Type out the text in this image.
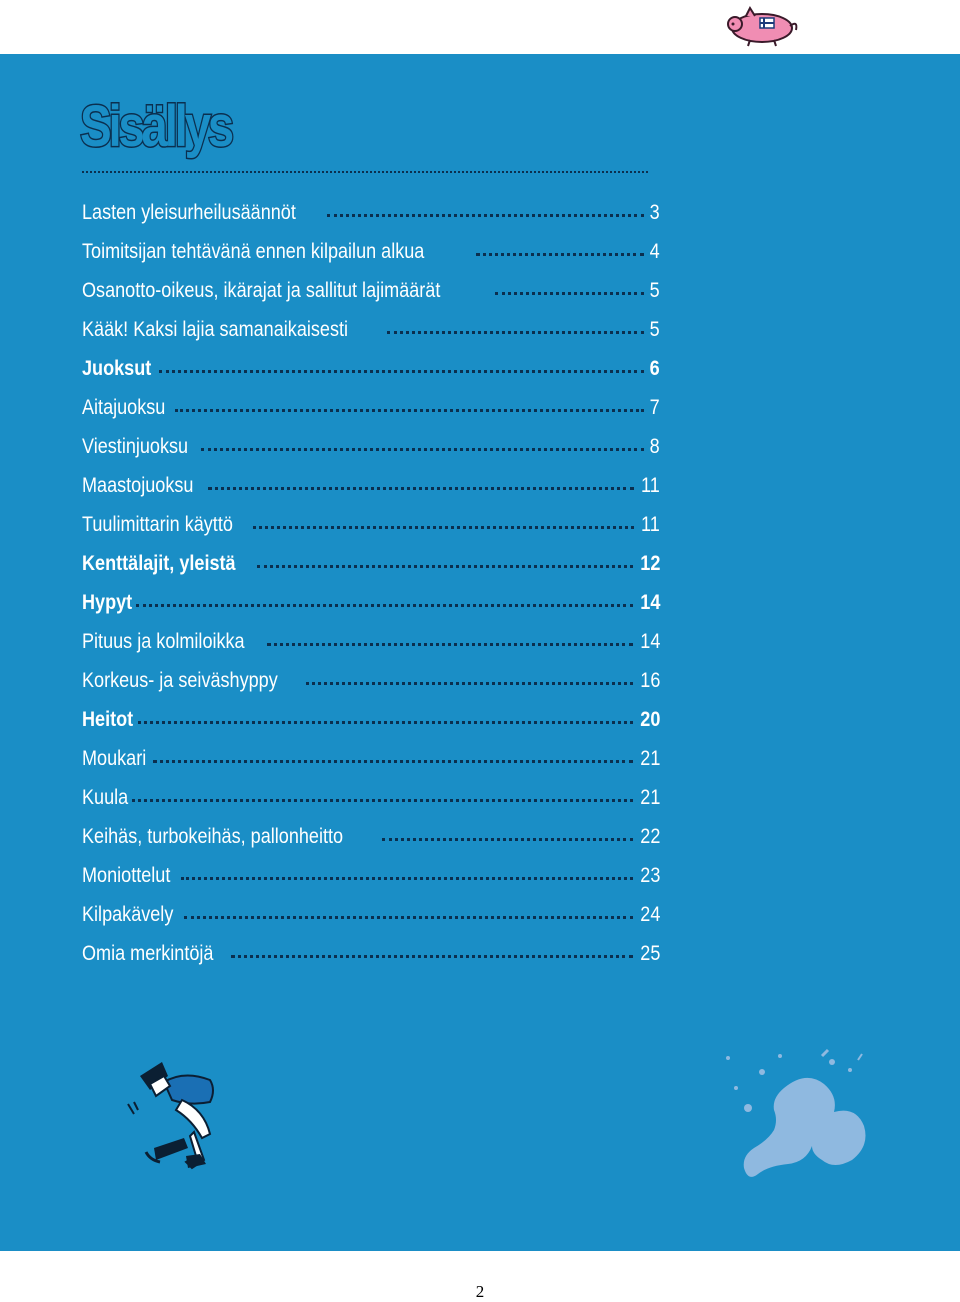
Sisällys
Lasten yleisurheilusäännöt	3
Toimitsijan tehtävänä ennen kilpailun alkua	4
Osanotto-oikeus, ikärajat ja sallitut lajimäärät	5
Kääk! Kaksi lajia samanaikaisesti	5
Juoksut	6
Aitajuoksu	7
Viestinjuoksu	8
Maastojuoksu	11
Tuulimittarin käyttö	11
Kenttälajit, yleistä	12
Hypyt	14
Pituus ja kolmiloikka	14
Korkeus- ja seiväshyppy	16
Heitot	20
Moukari	21
Kuula	21
Keihäs, turbokeihäs, pallonheitto	22
Moniottelut	23
Kilpakävely	24
Omia merkintöjä	25
2
